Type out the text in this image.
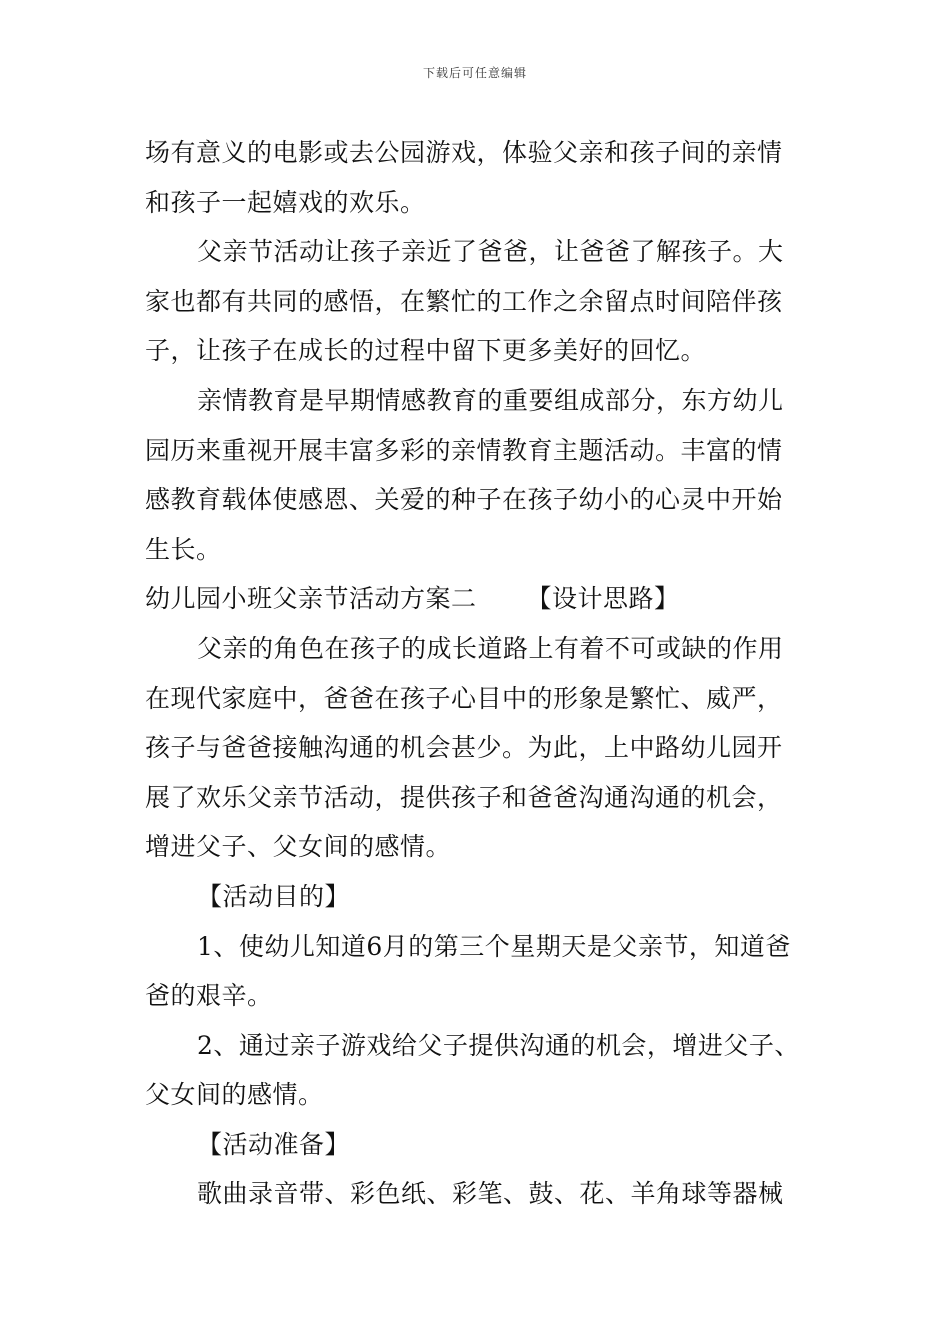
下载后可任意编辑
场有意义的电影或去公园游戏，体验父亲和孩子间的亲情
和孩子一起嬉戏的欢乐。
父亲节活动让孩子亲近了爸爸，让爸爸了解孩子。大
家也都有共同的感悟，在繁忙的工作之余留点时间陪伴孩
子，让孩子在成长的过程中留下更多美好的回忆。
亲情教育是早期情感教育的重要组成部分，东方幼儿
园历来重视开展丰富多彩的亲情教育主题活动。丰富的情
感教育载体使感恩、关爱的种子在孩子幼小的心灵中开始
生长。
幼儿园小班父亲节活动方案二 【设计思路】
父亲的角色在孩子的成长道路上有着不可或缺的作用
在现代家庭中，爸爸在孩子心目中的形象是繁忙、威严，
孩子与爸爸接触沟通的机会甚少。为此，上中路幼儿园开
展了欢乐父亲节活动，提供孩子和爸爸沟通沟通的机会，
增进父子、父女间的感情。
【活动目的】
1、使幼儿知道6月的第三个星期天是父亲节，知道爸
爸的艰辛。
2、通过亲子游戏给父子提供沟通的机会，增进父子、
父女间的感情。
【活动准备】
歌曲录音带、彩色纸、彩笔、鼓、花、羊角球等器械
